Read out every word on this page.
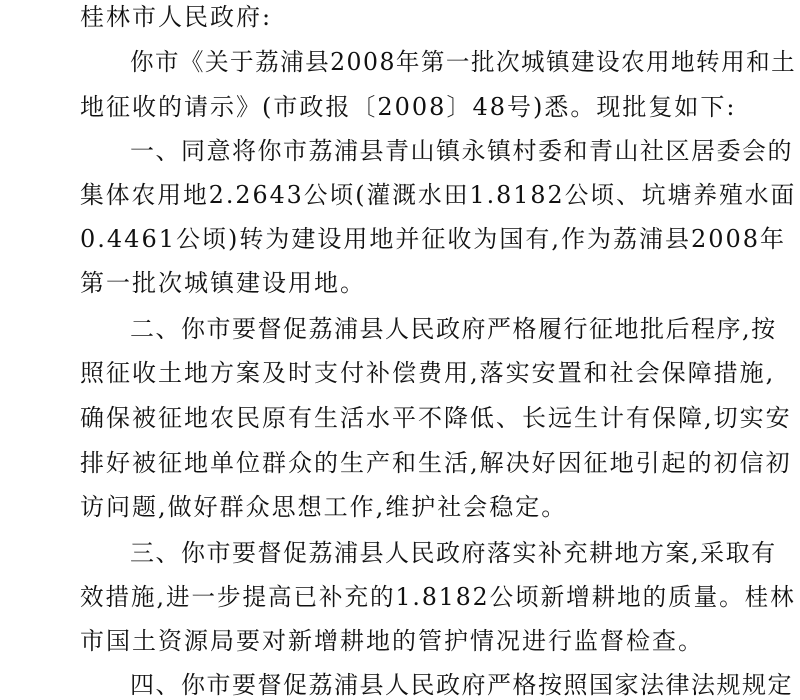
桂林市人民政府:
你市《关于荔浦县2008年第一批次城镇建设农用地转用和土
地征收的请示》(市政报〔2008〕48号)悉。现批复如下:
一、同意将你市荔浦县青山镇永镇村委和青山社区居委会的
集体农用地2.2643公顷(灌溉水田1.8182公顷、坑塘养殖水面
0.4461公顷)转为建设用地并征收为国有,作为荔浦县2008年
第一批次城镇建设用地。
二、你市要督促荔浦县人民政府严格履行征地批后程序,按
照征收土地方案及时支付补偿费用,落实安置和社会保障措施,
确保被征地农民原有生活水平不降低、长远生计有保障,切实安
排好被征地单位群众的生产和生活,解决好因征地引起的初信初
访问题,做好群众思想工作,维护社会稳定。
三、你市要督促荔浦县人民政府落实补充耕地方案,采取有
效措施,进一步提高已补充的1.8182公顷新增耕地的质量。桂林
市国土资源局要对新增耕地的管护情况进行监督检查。
四、你市要督促荔浦县人民政府严格按照国家法律法规规定
